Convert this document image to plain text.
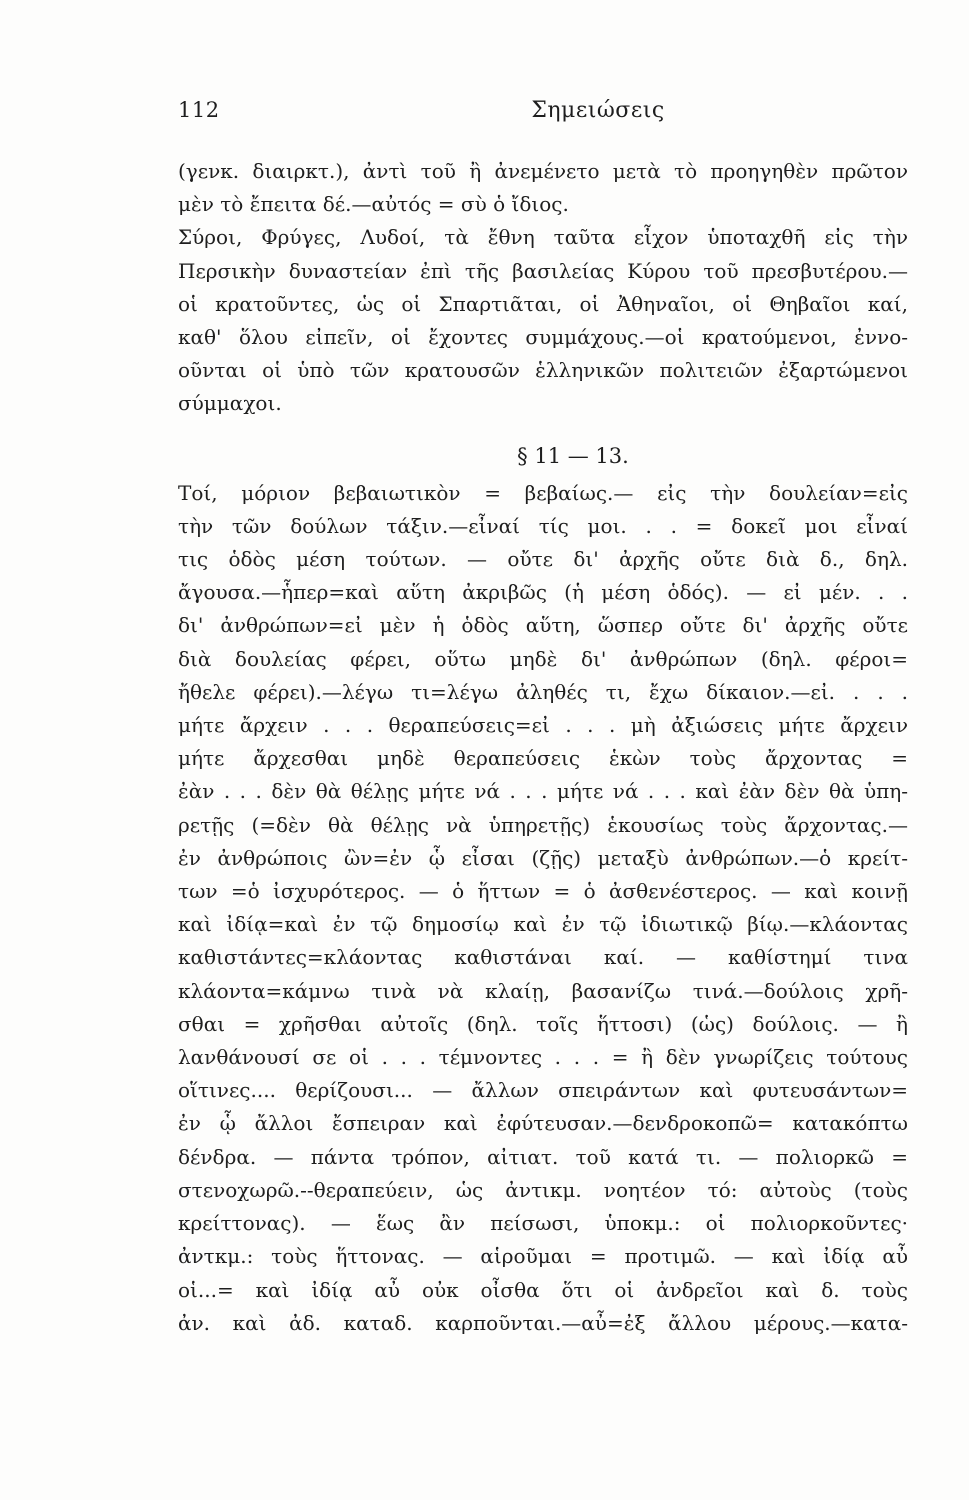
112	Σημειώσεις
(γενκ. διαιρκτ.), ἀντὶ τοῦ ἢ ἀνεμένετο μετὰ τὸ προηγηθὲν πρῶτον
μὲν τὸ ἔπειτα δέ.—αὐτός = σὺ ὁ ἴδιος.
Σύροι, Φρύγες, Λυδοί, τὰ ἔθνη ταῦτα εἶχον ὑποταχθῆ εἰς τὴν
Περσικὴν δυναστείαν ἐπὶ τῆς βασιλείας Κύρου τοῦ πρεσβυτέρου.—
οἱ κρατοῦντες, ὡς οἱ Σπαρτιᾶται, οἱ Ἀθηναῖοι, οἱ Θηβαῖοι καί,
καθ' ὅλου εἰπεῖν, οἱ ἔχοντες συμμάχους.—οἱ κρατούμενοι, ἐννο-
οῦνται οἱ ὑπὸ τῶν κρατουσῶν ἑλληνικῶν πολιτειῶν ἐξαρτώμενοι
σύμμαχοι.
§ 11 — 13.
Τοί, μόριον βεβαιωτικὸν = βεβαίως.— εἰς τὴν δουλείαν=εἰς
τὴν τῶν δούλων τάξιν.—εἶναί τίς μοι. . . = δοκεῖ μοι εἶναί
τις ὁδὸς μέση τούτων. — οὔτε δι' ἀρχῆς οὔτε διὰ δ., δηλ.
ἄγουσα.—ἧπερ=καὶ αὕτη ἀκριβῶς (ἡ μέση ὁδός). — εἰ μέν. . .
δι' ἀνθρώπων=εἰ μὲν ἡ ὁδὸς αὕτη, ὥσπερ οὔτε δι' ἀρχῆς οὔτε
διὰ δουλείας φέρει, οὕτω μηδὲ δι' ἀνθρώπων (δηλ. φέροι=
ἤθελε φέρει).—λέγω τι=λέγω ἀληθές τι, ἔχω δίκαιον.—εἰ. . . .
μήτε ἄρχειν . . . θεραπεύσεις=εἰ . . . μὴ ἀξιώσεις μήτε ἄρχειν
μήτε ἄρχεσθαι μηδὲ θεραπεύσεις ἑκὼν τοὺς ἄρχοντας =
ἐὰν . . . δὲν θὰ θέλῃς μήτε νά . . . μήτε νά . . . καὶ ἐὰν δὲν θὰ ὑπη-
ρετῇς (=δὲν θὰ θέλῃς νὰ ὑπηρετῇς) ἑκουσίως τοὺς ἄρχοντας.—
ἐν ἀνθρώποις ὢν=ἐν ᾧ εἶσαι (ζῇς) μεταξὺ ἀνθρώπων.—ὁ κρείτ-
των =ὁ ἰσχυρότερος. — ὁ ἥττων = ὁ ἀσθενέστερος. — καὶ κοινῇ
καὶ ἰδίᾳ=καὶ ἐν τῷ δημοσίῳ καὶ ἐν τῷ ἰδιωτικῷ βίῳ.—κλάοντας
καθιστάντες=κλάοντας καθιστάναι καί. — καθίστημί τινα
κλάοντα=κάμνω τινὰ νὰ κλαίῃ, βασανίζω τινά.—δούλοις χρῆ-
σθαι = χρῆσθαι αὐτοῖς (δηλ. τοῖς ἥττοσι) (ὡς) δούλοις. — ἢ
λανθάνουσί σε οἱ . . . τέμνοντες . . . = ἢ δὲν γνωρίζεις τούτους
οἵτινες.... θερίζουσι... — ἄλλων σπειράντων καὶ φυτευσάντων=
ἐν ᾧ ἄλλοι ἔσπειραν καὶ ἐφύτευσαν.—δενδροκοπῶ= κατακόπτω
δένδρα. — πάντα τρόπον, αἰτιατ. τοῦ κατά τι. — πολιορκῶ =
στενοχωρῶ.--θεραπεύειν, ὡς ἀντικμ. νοητέον τό: αὐτοὺς (τοὺς
κρείττονας). — ἕως ἂν πείσωσι, ὑποκμ.: οἱ πολιορκοῦντες·
ἀντκμ.: τοὺς ἥττονας. — αἱροῦμαι = προτιμῶ. — καὶ ἰδίᾳ αὖ
οἱ...= καὶ ἰδίᾳ αὖ οὐκ οἶσθα ὅτι οἱ ἀνδρεῖοι καὶ δ. τοὺς
ἀν. καὶ ἀδ. καταδ. καρποῦνται.—αὖ=ἐξ ἄλλου μέρους.—κατα-
